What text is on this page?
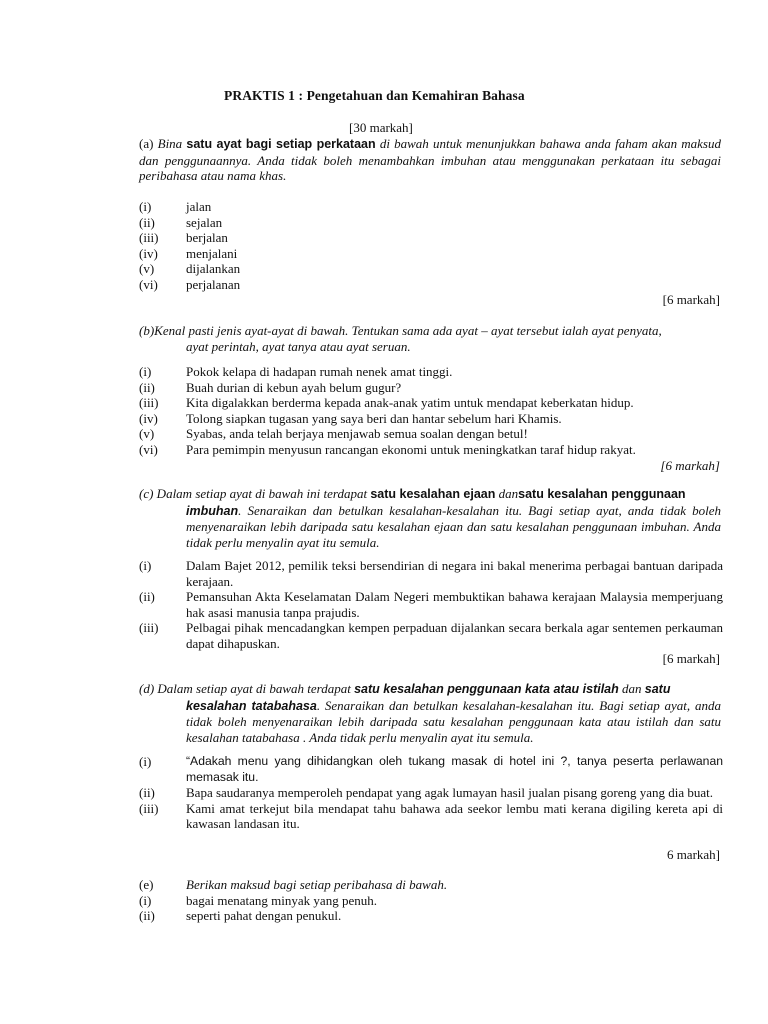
PRAKTIS 1 : Pengetahuan dan Kemahiran Bahasa
[30 markah]
(a) Bina satu ayat bagi setiap perkataan di bawah untuk menunjukkan bahawa anda faham akan maksud dan penggunaannya. Anda tidak boleh menambahkan imbuhan atau menggunakan perkataan itu sebagai peribahasa atau nama khas.
(i)	jalan
(ii)	sejalan
(iii)	berjalan
(iv)	menjalani
(v)	dijalankan
(vi)	perjalanan
[6 markah]
(b)Kenal pasti jenis ayat-ayat di bawah. Tentukan sama ada ayat – ayat tersebut ialah ayat penyata,
ayat perintah, ayat tanya atau ayat seruan.
(i)	Pokok kelapa di hadapan rumah nenek amat tinggi.
(ii)	Buah durian di kebun ayah belum gugur?
(iii)	Kita digalakkan berderma kepada anak-anak yatim untuk mendapat keberkatan hidup.
(iv)	Tolong siapkan tugasan yang saya beri dan hantar sebelum hari Khamis.
(v)	Syabas, anda telah berjaya menjawab semua soalan dengan betul!
(vi)	Para pemimpin menyusun rancangan ekonomi untuk meningkatkan taraf hidup rakyat.
[6 markah]
(c) Dalam setiap ayat di bawah ini terdapat satu kesalahan ejaan dansatu kesalahan penggunaan
imbuhan. Senaraikan dan betulkan kesalahan-kesalahan itu. Bagi setiap ayat, anda tidak boleh menyenaraikan lebih daripada satu kesalahan ejaan dan satu kesalahan penggunaan imbuhan. Anda tidak perlu menyalin ayat itu semula.
(i)	Dalam Bajet 2012, pemilik teksi bersendirian di negara ini bakal menerima perbagai bantuan daripada kerajaan.
(ii)	Pemansuhan Akta Keselamatan Dalam Negeri membuktikan bahawa kerajaan Malaysia memperjuang hak asasi manusia tanpa prajudis.
(iii)	Pelbagai pihak mencadangkan kempen perpaduan dijalankan secara berkala agar sentemen perkauman dapat dihapuskan.
[6 markah]
(d) Dalam setiap ayat di bawah terdapat satu kesalahan penggunaan kata atau istilah dan satu
kesalahan tatabahasa. Senaraikan dan betulkan kesalahan-kesalahan itu. Bagi setiap ayat, anda tidak boleh menyenaraikan lebih daripada satu kesalahan penggunaan kata atau istilah dan satu kesalahan tatabahasa . Anda tidak perlu menyalin ayat itu semula.
(i)	“Adakah menu yang dihidangkan oleh tukang masak di hotel ini ?, tanya peserta perlawanan memasak itu.
(ii)	Bapa saudaranya memperoleh pendapat yang agak lumayan hasil jualan pisang goreng yang dia buat.
(iii)	Kami amat terkejut bila mendapat tahu bahawa ada seekor lembu mati kerana digiling kereta api di kawasan landasan itu.
6 markah]
(e)	Berikan maksud bagi setiap peribahasa di bawah.
(i)	bagai menatang minyak yang penuh.
(ii)	seperti pahat dengan penukul.
